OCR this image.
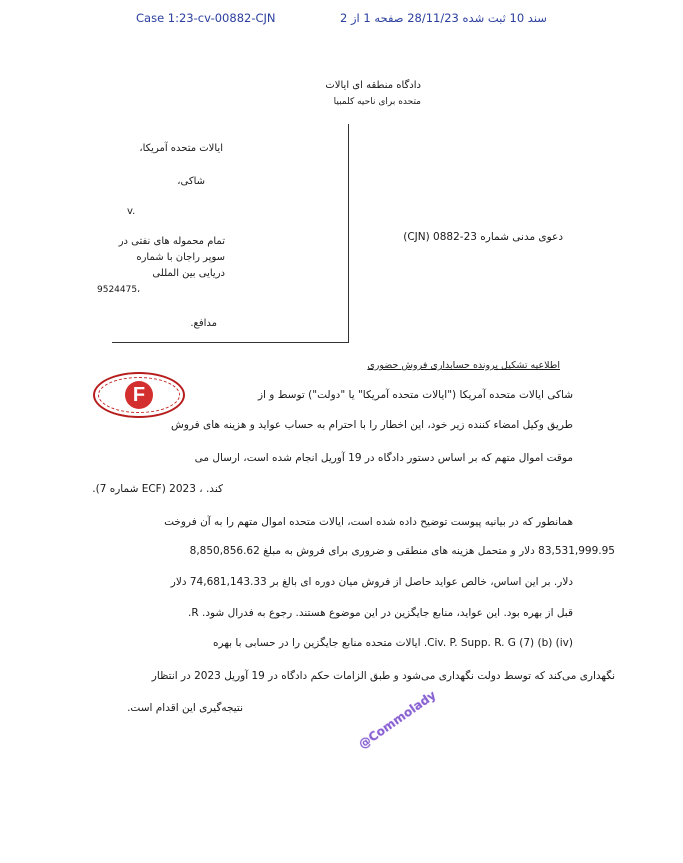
Case 1:23-cv-00882-CJN	سند 10 ثبت شده 28/11/23 صفحه 1 از 2
دادگاه منطقه ای ایالات
متحده برای ناحیه کلمبیا
ایالات متحده آمریکا،
شاکی،
v.
تمام محموله های نفتی در
سوپر راجان با شماره
دریایی بین المللی
9524475،
مدافع.
دعوی مدنی شماره 23-0882 (CJN)
اطلاعیه تشکیل پرونده حسابداری فروش حضوری
F	شاکی ایالات متحده آمریکا ("ایالات متحده آمریکا" یا "دولت") توسط و از
طریق وکیل امضاء کننده زیر خود، این اخطار را با احترام به حساب عواید و هزینه های فروش
موقت اموال متهم که بر اساس دستور دادگاه در 19 آوریل انجام شده است، ارسال می
کند. ، 2023 (ECF شماره 7).
همانطور که در بیانیه پیوست توضیح داده شده است، ایالات متحده اموال متهم را به آن فروخت
83,531,999.95 دلار و متحمل هزینه های منطقی و ضروری برای فروش به مبلغ 8,850,856.62
دلار. بر این اساس، خالص عواید حاصل از فروش میان دوره ای بالغ بر 74,681,143.33 دلار
قبل از بهره بود. این عواید، منابع جایگزین در این موضوع هستند. رجوع به فدرال شود. R.
Civ. P. Supp. R. G (7) (b) (iv). ایالات متحده منابع جایگزین را در حسابی با بهره
نگهداری می‌کند که توسط دولت نگهداری می‌شود و طبق الزامات حکم دادگاه در 19 آوریل 2023 در انتظار
نتیجه‌گیری این اقدام است.	@Commolady
